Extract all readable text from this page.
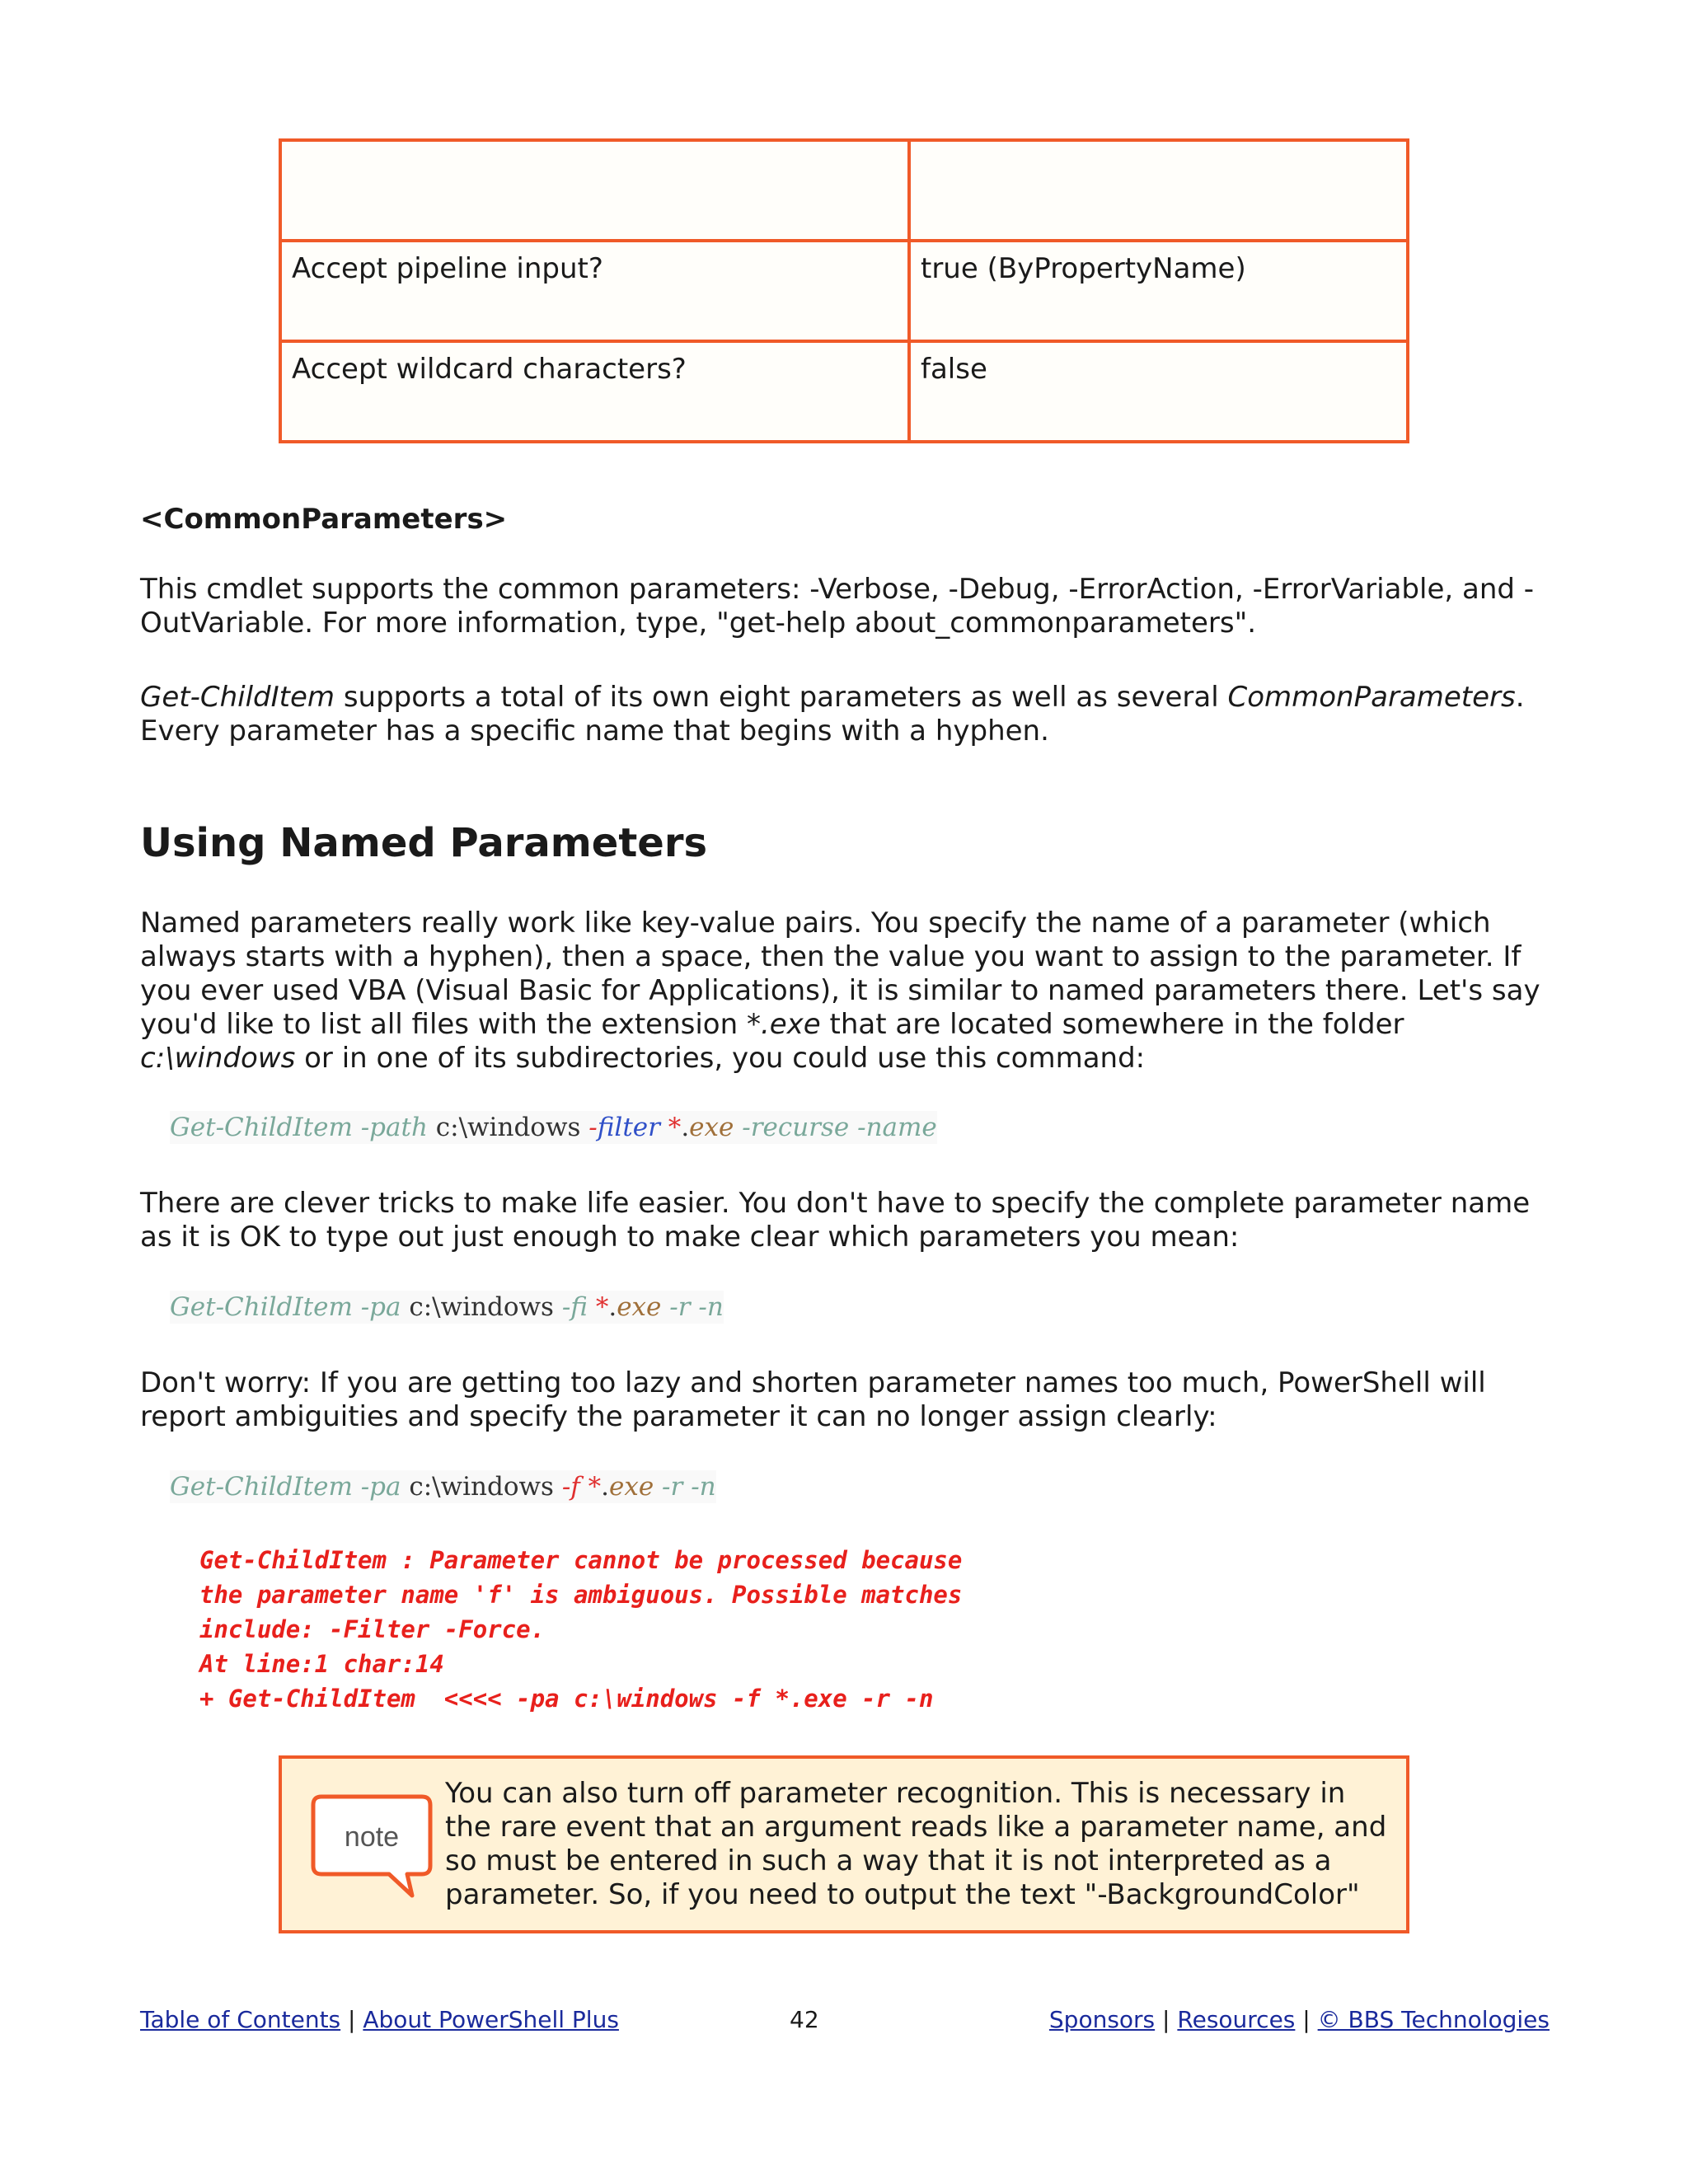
Accept pipeline input?	true (ByPropertyName)
Accept wildcard characters?	false
<CommonParameters>
This cmdlet supports the common parameters: -Verbose, -Debug, -ErrorAction, -ErrorVariable, and -OutVariable. For more information, type, "get-help about_commonparameters".
Get-ChildItem supports a total of its own eight parameters as well as several CommonParameters. Every parameter has a specific name that begins with a hyphen.
Using Named Parameters
Named parameters really work like key-value pairs. You specify the name of a parameter (which always starts with a hyphen), then a space, then the value you want to assign to the parameter. If you ever used VBA (Visual Basic for Applications), it is similar to named parameters there. Let's say you'd like to list all files with the extension *.exe that are located somewhere in the folder c:\windows or in one of its subdirectories, you could use this command:
Get-ChildItem -path c:\windows -filter *.exe -recurse -name
There are clever tricks to make life easier. You don't have to specify the complete parameter name as it is OK to type out just enough to make clear which parameters you mean:
Get-ChildItem -pa c:\windows -fi *.exe -r -n
Don't worry: If you are getting too lazy and shorten parameter names too much, PowerShell will report ambiguities and specify the parameter it can no longer assign clearly:
Get-ChildItem -pa c:\windows -f *.exe -r -n
Get-ChildItem : Parameter cannot be processed because
the parameter name 'f' is ambiguous. Possible matches
include: -Filter -Force.
At line:1 char:14
+ Get-ChildItem  <<<< -pa c:\windows -f *.exe -r -n
note
You can also turn off parameter recognition. This is necessary in the rare event that an argument reads like a parameter name, and so must be entered in such a way that it is not interpreted as a parameter. So, if you need to output the text "-BackgroundColor"
Table of Contents | About PowerShell Plus	42	Sponsors | Resources | © BBS Technologies
